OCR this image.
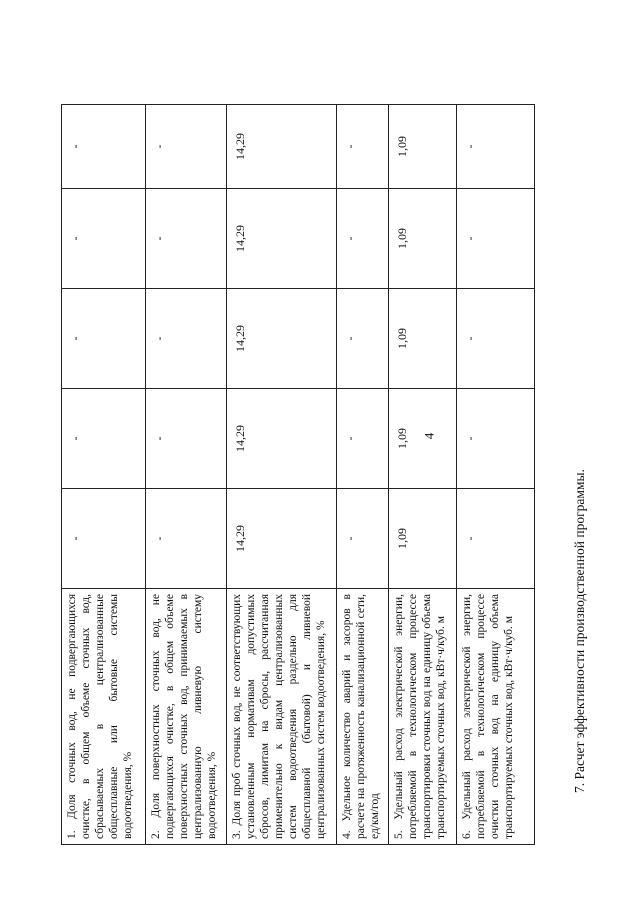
4
1. Доля сточных вод, не подвергающихся очистке, в общем объеме сточных вод, сбрасываемых в централизованные общесплавные или бытовые системы водоотведения, %	-	-	-	-	-
2. Доля поверхностных сточных вод, не подвергающихся очистке, в общем объеме поверхностных сточных вод, принимаемых в централизованную ливневую систему водоотведения, %	-	-	-	-	-
3. Доля проб сточных вод, не соответствующих установленным нормативам допустимых сбросов, лимитам на сбросы, рассчитанная применительно к видам централизованных систем водоотведения раздельно для общесплавной (бытовой) и ливневой централизованных систем водоотведения, %	14,29	14,29	14,29	14,29	14,29
4. Удельное количество аварий и засоров в расчете на протяженность канализационной сети, ед/км/год	-	-	-	-	-
5. Удельный расход электрической энергии, потребляемой в технологическом процессе транспортировки сточных вод на единицу объема транспортируемых сточных вод, кВт·ч/куб. м	1,09	1,09	1,09	1,09	1,09
6. Удельный расход электрической энергии, потребляемой в технологическом процессе очистки сточных вод на единицу объема транспортируемых сточных вод, кВт·ч/куб. м	-	-	-	-	-
7. Расчет эффективности производственной программы.
